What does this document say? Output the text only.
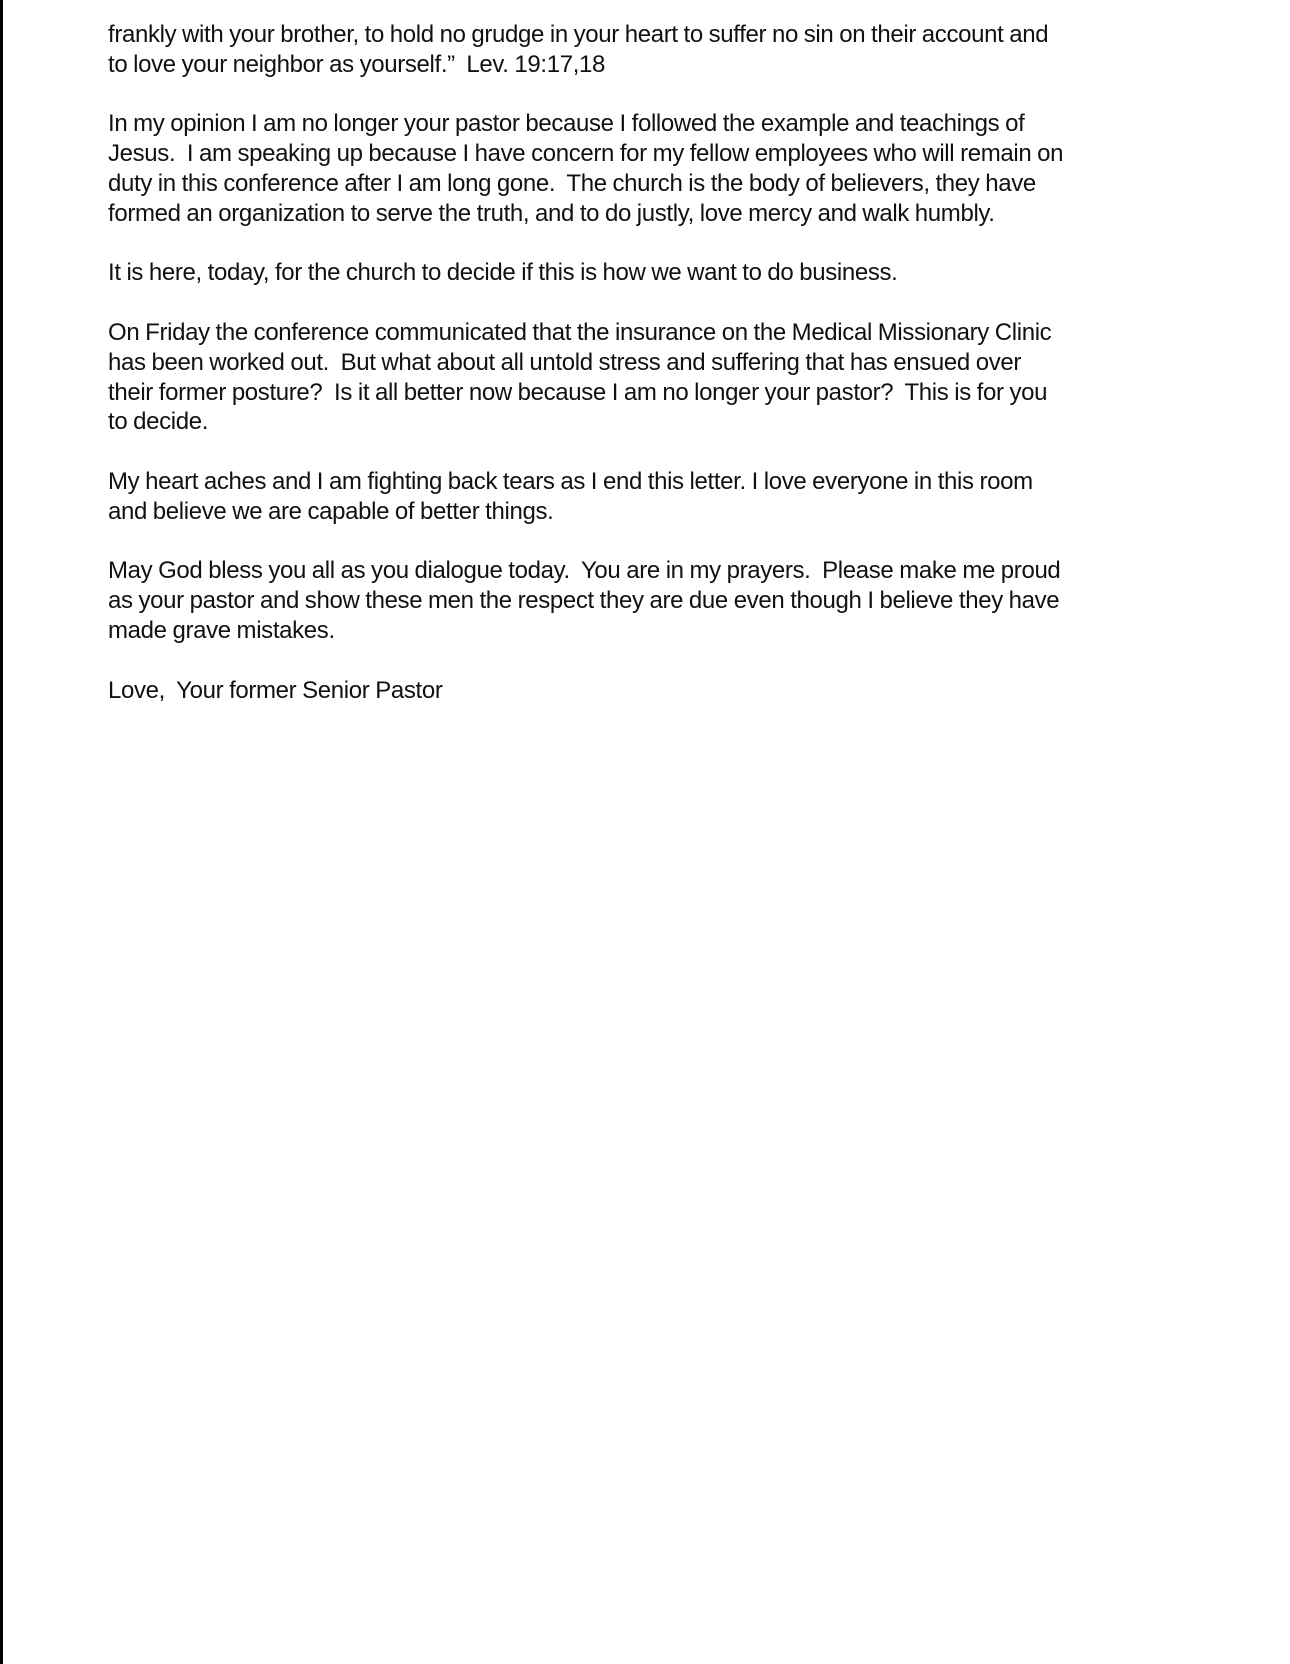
frankly with your brother, to hold no grudge in your heart to suffer no sin on their account and
to love your neighbor as yourself.”  Lev. 19:17,18

In my opinion I am no longer your pastor because I followed the example and teachings of
Jesus.  I am speaking up because I have concern for my fellow employees who will remain on
duty in this conference after I am long gone.  The church is the body of believers, they have
formed an organization to serve the truth, and to do justly, love mercy and walk humbly.

It is here, today, for the church to decide if this is how we want to do business.

On Friday the conference communicated that the insurance on the Medical Missionary Clinic
has been worked out.  But what about all untold stress and suffering that has ensued over
their former posture?  Is it all better now because I am no longer your pastor?  This is for you
to decide.

My heart aches and I am fighting back tears as I end this letter. I love everyone in this room
and believe we are capable of better things.

May God bless you all as you dialogue today.  You are in my prayers.  Please make me proud
as your pastor and show these men the respect they are due even though I believe they have
made grave mistakes.

Love,  Your former Senior Pastor
